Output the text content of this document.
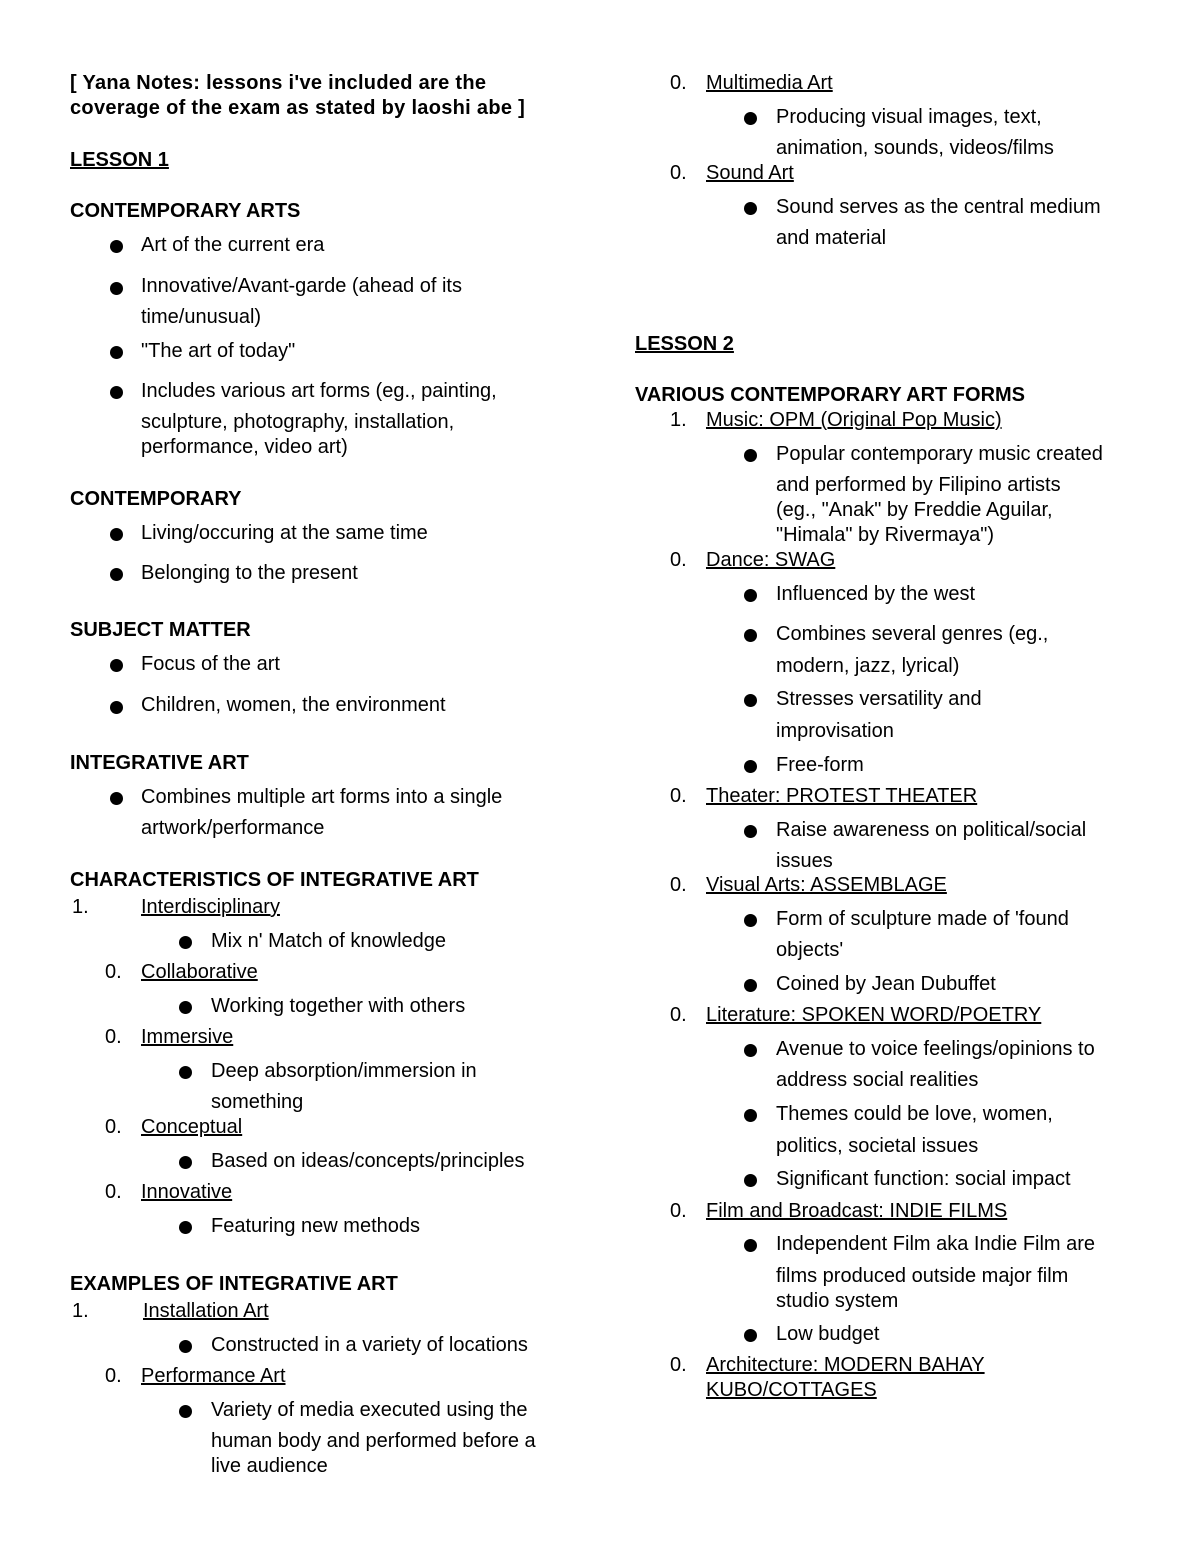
[ Yana Notes: lessons i've included are the
coverage of the exam as stated by laoshi abe ]
LESSON 1
CONTEMPORARY ARTS
Art of the current era
Innovative/Avant-garde (ahead of its
time/unusual)
"The art of today"
Includes various art forms (eg., painting,
sculpture, photography, installation,
performance, video art)
CONTEMPORARY
Living/occuring at the same time
Belonging to the present
SUBJECT MATTER
Focus of the art
Children, women, the environment
INTEGRATIVE ART
Combines multiple art forms into a single
artwork/performance
CHARACTERISTICS OF INTEGRATIVE ART
1.	Interdisciplinary
Mix n' Match of knowledge
0. Collaborative
Working together with others
0. Immersive
Deep absorption/immersion in
something
0. Conceptual
Based on ideas/concepts/principles
0. Innovative
Featuring new methods
EXAMPLES OF INTEGRATIVE ART
1.	Installation Art
Constructed in a variety of locations
0. Performance Art
Variety of media executed using the
human body and performed before a
live audience
0. Multimedia Art
Producing visual images, text,
animation, sounds, videos/films
0. Sound Art
Sound serves as the central medium
and material
LESSON 2
VARIOUS CONTEMPORARY ART FORMS
1. Music: OPM (Original Pop Music)
Popular contemporary music created
and performed by Filipino artists
(eg., "Anak" by Freddie Aguilar,
"Himala" by Rivermaya")
0. Dance: SWAG
Influenced by the west
Combines several genres (eg.,
modern, jazz, lyrical)
Stresses versatility and
improvisation
Free-form
0. Theater: PROTEST THEATER
Raise awareness on political/social
issues
0. Visual Arts: ASSEMBLAGE
Form of sculpture made of 'found
objects'
Coined by Jean Dubuffet
0. Literature: SPOKEN WORD/POETRY
Avenue to voice feelings/opinions to
address social realities
Themes could be love, women,
politics, societal issues
Significant function: social impact
0. Film and Broadcast: INDIE FILMS
Independent Film aka Indie Film are
films produced outside major film
studio system
Low budget
0. Architecture: MODERN BAHAY
KUBO/COTTAGES
